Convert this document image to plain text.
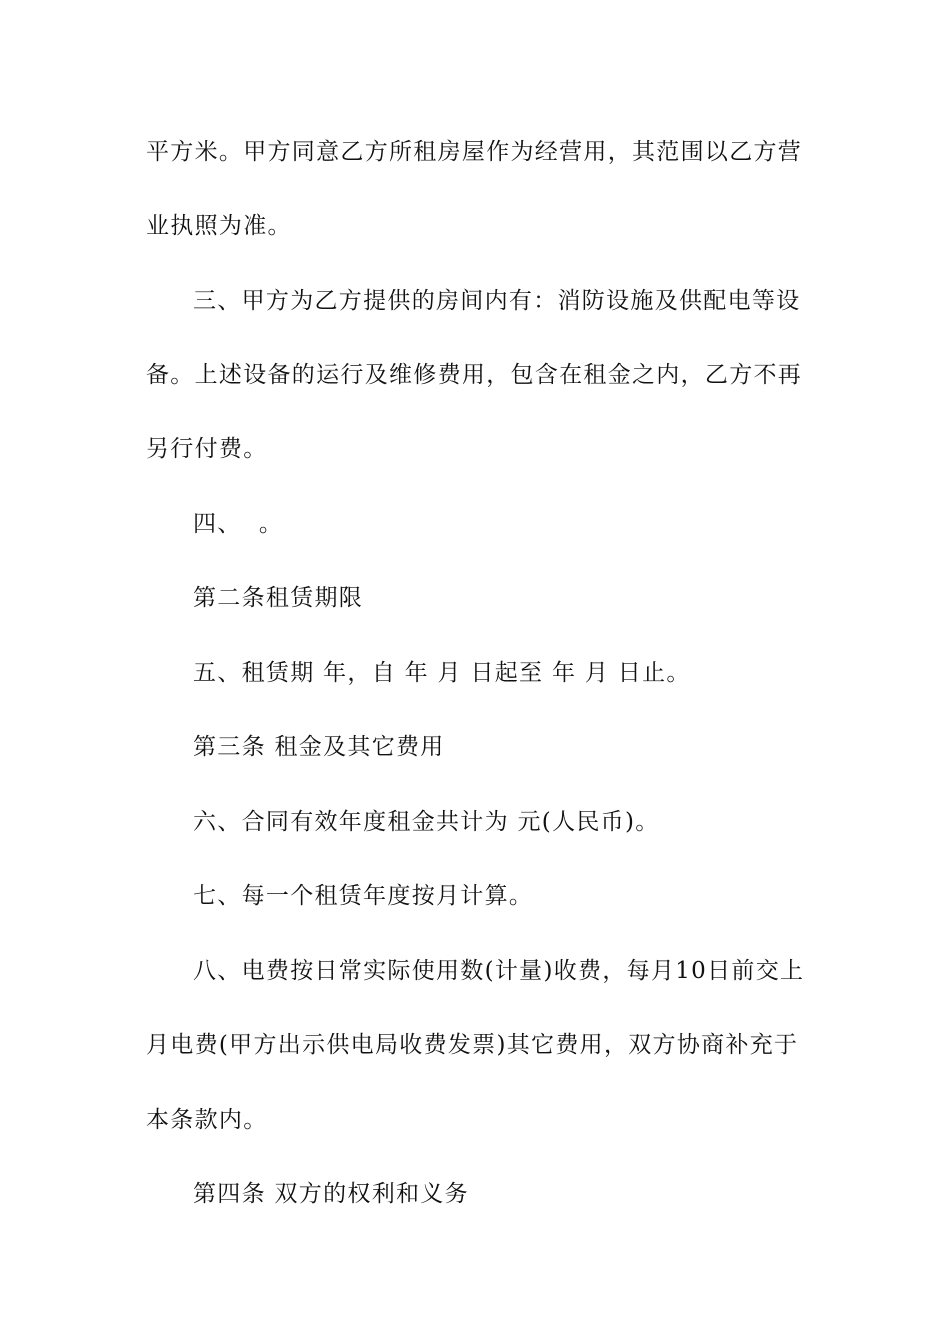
平方米。甲方同意乙方所租房屋作为经营用，其范围以乙方营
业执照为准。
三、甲方为乙方提供的房间内有：消防设施及供配电等设
备。上述设备的运行及维修费用，包含在租金之内，乙方不再
另行付费。
四、  。
第二条租赁期限
五、租赁期 年，自 年 月 日起至 年 月 日止。
第三条 租金及其它费用
六、合同有效年度租金共计为 元(人民币)。
七、每一个租赁年度按月计算。
八、电费按日常实际使用数(计量)收费，每月10日前交上
月电费(甲方出示供电局收费发票)其它费用，双方协商补充于
本条款内。
第四条 双方的权利和义务
